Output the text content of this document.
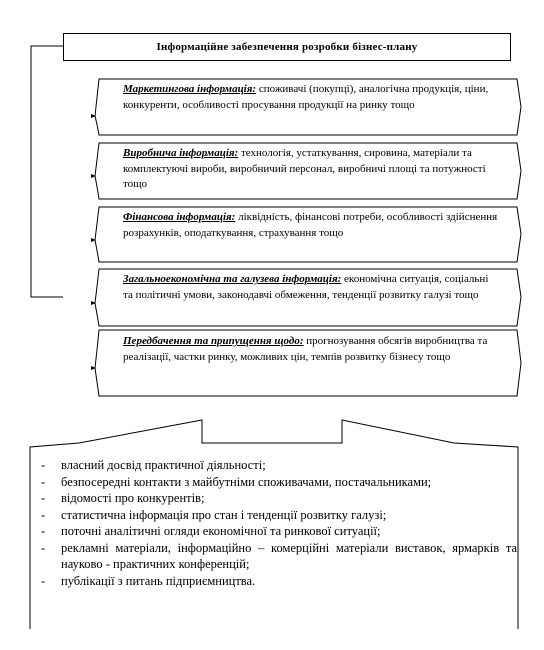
Інформаційне забезпечення розробки бізнес-плану
Маркетингова інформація: споживачі (покупці), аналогічна продукція, ціни, конкуренти, особливості просування продукції на ринку тощо
Виробнича інформація: технологія, устаткування, сировина, матеріали та комплектуючі вироби, виробничий персонал, виробничі площі та потужності тощо
Фінансова інформація: ліквідність, фінансові потреби, особливості здійснення розрахунків, оподаткування, страхування тощо
Загальноекономічна та галузева інформація: економічна ситуація, соціальні та політичні умови, законодавчі обмеження, тенденції розвитку галузі тощо
Передбачення та припущення щодо: прогнозування обсягів виробництва та реалізації, частки ринку, можливих цін, темпів розвитку бізнесу тощо
- власний досвід практичної діяльності;
- безпосередні контакти з майбутніми споживачами, постачальниками;
- відомості про конкурентів;
- статистична інформація про стан і тенденції розвитку галузі;
- поточні аналітичні огляди економічної та ринкової ситуації;
- рекламні матеріали, інформаційно – комерційні матеріали виставок, ярмарків та науково - практичних конференцій;
- публікації з питань підприємництва.
